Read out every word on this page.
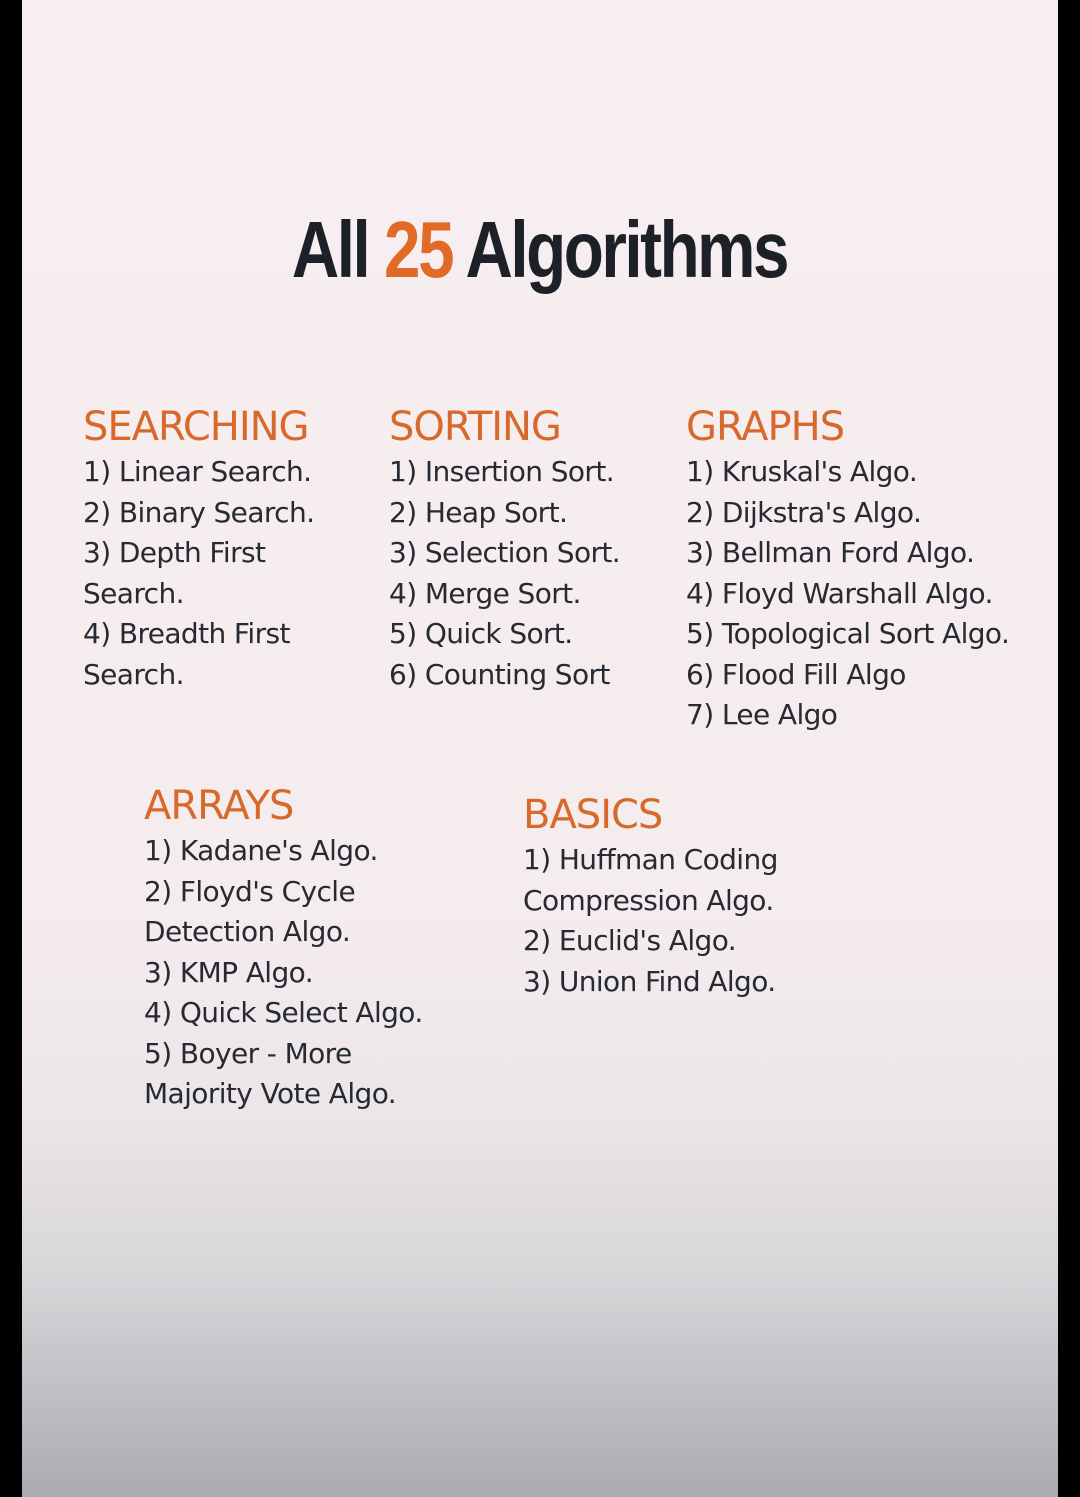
All 25 Algorithms
SEARCHING
1) Linear Search.
2) Binary Search.
3) Depth First
Search.
4) Breadth First
Search.
SORTING
1) Insertion Sort.
2) Heap Sort.
3) Selection Sort.
4) Merge Sort.
5) Quick Sort.
6) Counting Sort
GRAPHS
1) Kruskal's Algo.
2) Dijkstra's Algo.
3) Bellman Ford Algo.
4) Floyd Warshall Algo.
5) Topological Sort Algo.
6) Flood Fill Algo
7) Lee Algo
ARRAYS
1) Kadane's Algo.
2) Floyd's Cycle
Detection Algo.
3) KMP Algo.
4) Quick Select Algo.
5) Boyer - More
Majority Vote Algo.
BASICS
1) Huffman Coding
Compression Algo.
2) Euclid's Algo.
3) Union Find Algo.
